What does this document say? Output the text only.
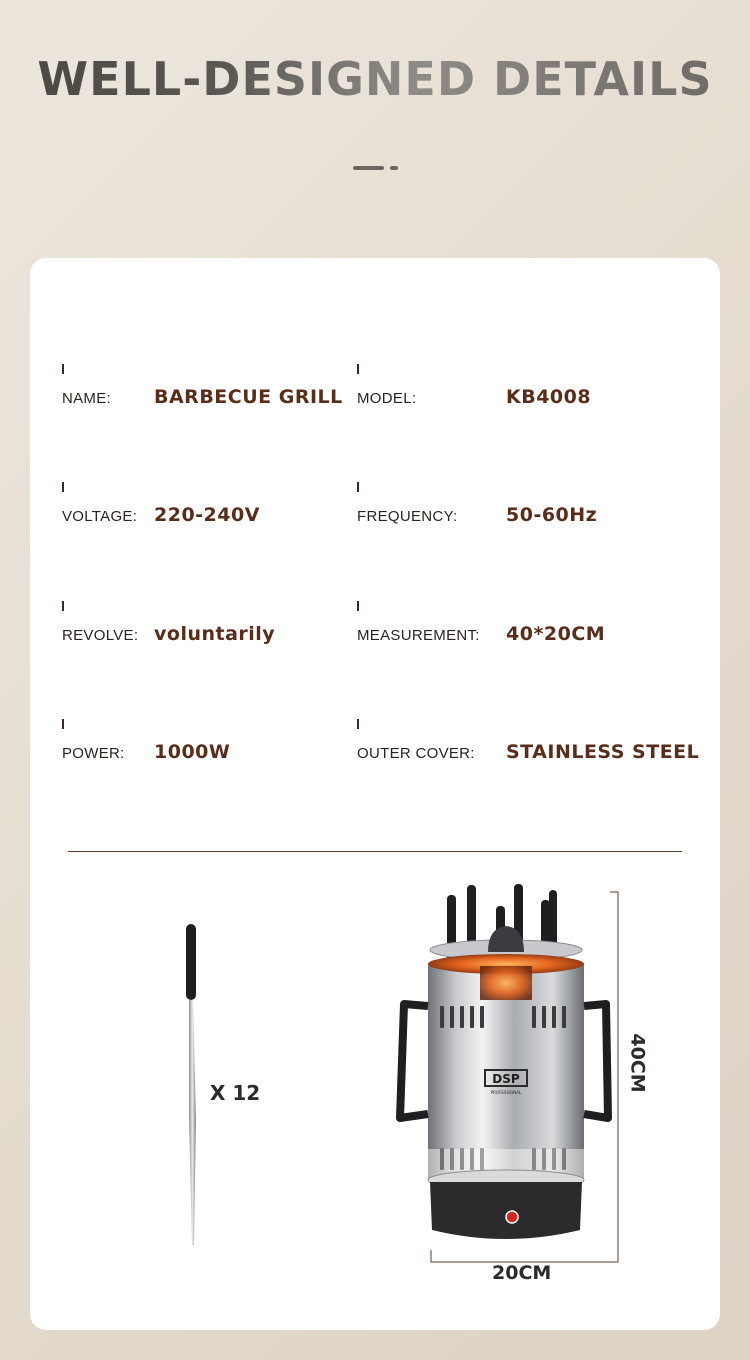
WELL-DESIGNED DETAILS
NAME: BARBECUE GRILL MODEL:	KB4008
VOLTAGE: 220-240V	FREQUENCY:	50-60Hz
REVOLVE: voluntarily	MEASUREMENT: 40*20CM
POWER: 1000W	OUTER COVER: STAINLESS STEEL
X 12
DSP
PROFESSIONAL
20CM
40CM
